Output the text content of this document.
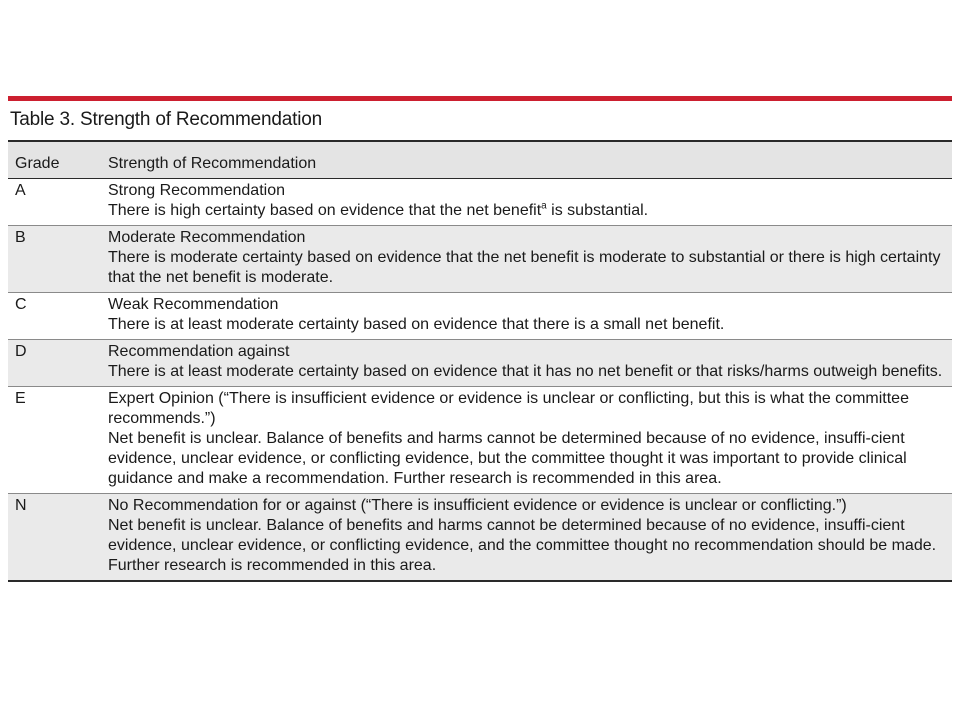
Table 3. Strength of Recommendation
Grade	Strength of Recommendation
A	Strong Recommendation
There is high certainty based on evidence that the net benefit$^a$ is substantial.

B	Moderate Recommendation
There is moderate certainty based on evidence that the net benefit is moderate to substantial or there is high certainty that the net benefit is moderate.

C	Weak Recommendation
There is at least moderate certainty based on evidence that there is a small net benefit.

D	Recommendation against
There is at least moderate certainty based on evidence that it has no net benefit or that risks/harms outweigh benefits.

E	Expert Opinion (“There is insufficient evidence or evidence is unclear or conflicting, but this is what the committee recommends.”)
Net benefit is unclear. Balance of benefits and harms cannot be determined because of no evidence, insuffi-cient evidence, unclear evidence, or conflicting evidence, but the committee thought it was important to provide clinical guidance and make a recommendation. Further research is recommended in this area.

N	No Recommendation for or against (“There is insufficient evidence or evidence is unclear or conflicting.”)
Net benefit is unclear. Balance of benefits and harms cannot be determined because of no evidence, insuffi-cient evidence, unclear evidence, or conflicting evidence, and the committee thought no recommendation should be made. Further research is recommended in this area.
